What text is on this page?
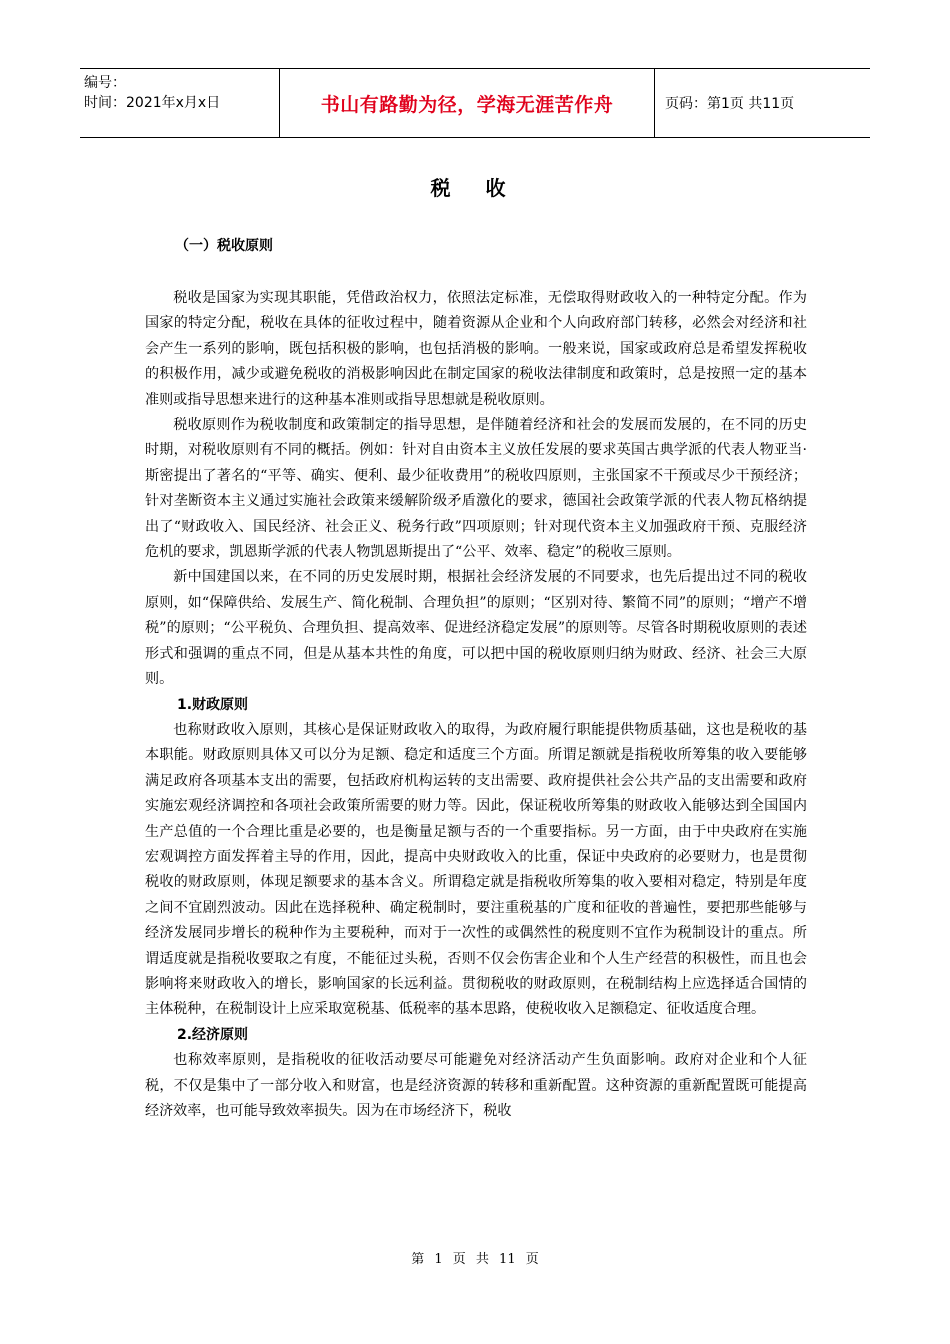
编号：
时间：2021年x月x日	书山有路勤为径，学海无涯苦作舟	页码：第1页 共11页
税 收
（一）税收原则

税收是国家为实现其职能，凭借政治权力，依照法定标准，无偿取得财政收入的一种特定分配。作为国家的特定分配，税收在具体的征收过程中，随着资源从企业和个人向政府部门转移，必然会对经济和社会产生一系列的影响，既包括积极的影响，也包括消极的影响。一般来说，国家或政府总是希望发挥税收的积极作用，减少或避免税收的消极影响因此在制定国家的税收法律制度和政策时，总是按照一定的基本准则或指导思想来进行的这种基本准则或指导思想就是税收原则。

税收原则作为税收制度和政策制定的指导思想，是伴随着经济和社会的发展而发展的，在不同的历史时期，对税收原则有不同的概括。例如：针对自由资本主义放任发展的要求英国古典学派的代表人物亚当·斯密提出了著名的“平等、确实、便利、最少征收费用”的税收四原则，主张国家不干预或尽少干预经济；针对垄断资本主义通过实施社会政策来缓解阶级矛盾激化的要求，德国社会政策学派的代表人物瓦格纳提出了“财政收入、国民经济、社会正义、税务行政”四项原则；针对现代资本主义加强政府干预、克服经济危机的要求，凯恩斯学派的代表人物凯恩斯提出了“公平、效率、稳定”的税收三原则。

新中国建国以来，在不同的历史发展时期，根据社会经济发展的不同要求，也先后提出过不同的税收原则，如“保障供给、发展生产、简化税制、合理负担”的原则；“区别对待、繁简不同”的原则；“增产不增税”的原则；“公平税负、合理负担、提高效率、促进经济稳定发展”的原则等。尽管各时期税收原则的表述形式和强调的重点不同，但是从基本共性的角度，可以把中国的税收原则归纳为财政、经济、社会三大原则。

1.财政原则

也称财政收入原则，其核心是保证财政收入的取得，为政府履行职能提供物质基础，这也是税收的基本职能。财政原则具体又可以分为足额、稳定和适度三个方面。所谓足额就是指税收所筹集的收入要能够满足政府各项基本支出的需要，包括政府机构运转的支出需要、政府提供社会公共产品的支出需要和政府实施宏观经济调控和各项社会政策所需要的财力等。因此，保证税收所筹集的财政收入能够达到全国国内生产总值的一个合理比重是必要的，也是衡量足额与否的一个重要指标。另一方面，由于中央政府在实施宏观调控方面发挥着主导的作用，因此，提高中央财政收入的比重，保证中央政府的必要财力，也是贯彻税收的财政原则，体现足额要求的基本含义。所谓稳定就是指税收所筹集的收入要相对稳定，特别是年度之间不宜剧烈波动。因此在选择税种、确定税制时，要注重税基的广度和征收的普遍性，要把那些能够与经济发展同步增长的税种作为主要税种，而对于一次性的或偶然性的税度则不宜作为税制设计的重点。所谓适度就是指税收要取之有度，不能征过头税，否则不仅会伤害企业和个人生产经营的积极性，而且也会影响将来财政收入的增长，影响国家的长远利益。贯彻税收的财政原则，在税制结构上应选择适合国情的主体税种，在税制设计上应采取宽税基、低税率的基本思路，使税收收入足额稳定、征收适度合理。

2.经济原则

也称效率原则，是指税收的征收活动要尽可能避免对经济活动产生负面影响。政府对企业和个人征税，不仅是集中了一部分收入和财富，也是经济资源的转移和重新配置。这种资源的重新配置既可能提高经济效率，也可能导致效率损失。因为在市场经济下，税收

第 1 页 共 11 页
